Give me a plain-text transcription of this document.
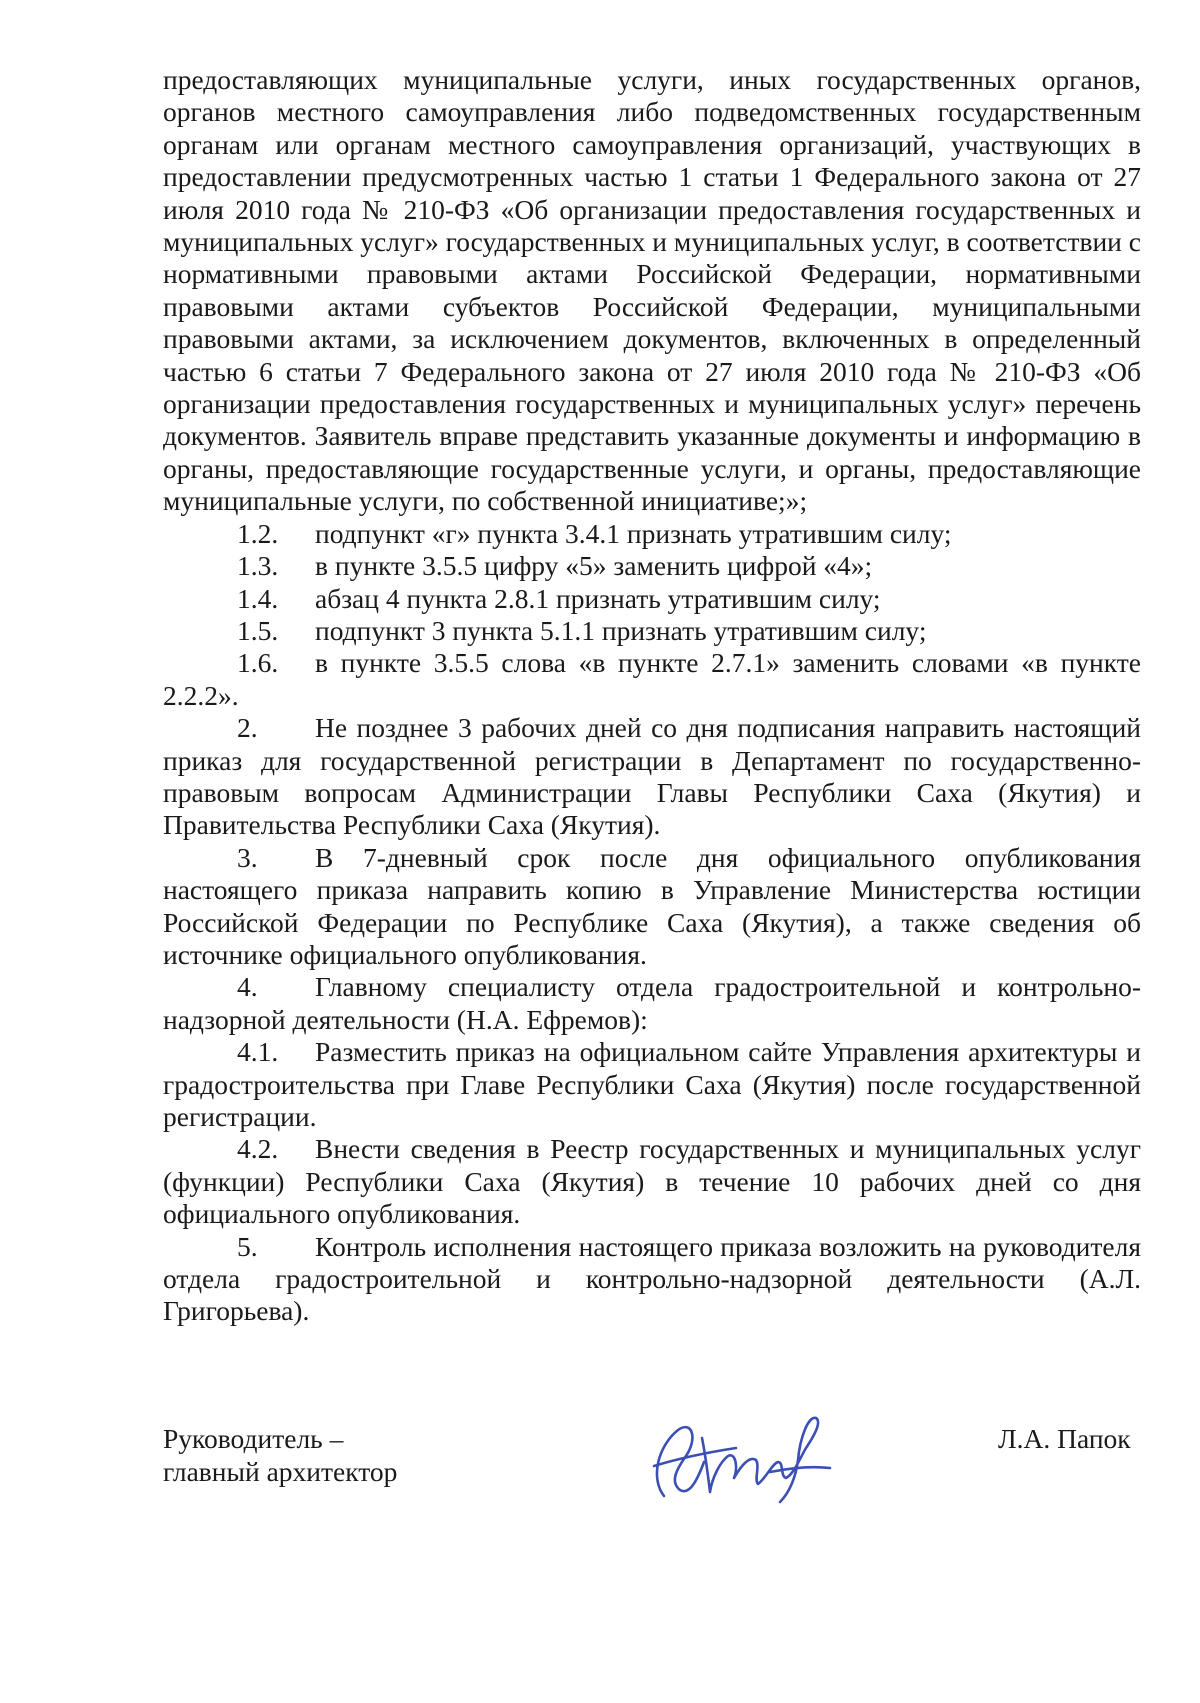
предоставляющих муниципальные услуги, иных государственных органов, органов местного самоуправления либо подведомственных государственным органам или органам местного самоуправления организаций, участвующих в предоставлении предусмотренных частью 1 статьи 1 Федерального закона от 27 июля 2010 года № 210-ФЗ «Об организации предоставления государственных и муниципальных услуг» государственных и муниципальных услуг, в соответствии с нормативными правовыми актами Российской Федерации, нормативными правовыми актами субъектов Российской Федерации, муниципальными правовыми актами, за исключением документов, включенных в определенный частью 6 статьи 7 Федерального закона от 27 июля 2010 года № 210-ФЗ «Об организации предоставления государственных и муниципальных услуг» перечень документов. Заявитель вправе представить указанные документы и информацию в органы, предоставляющие государственные услуги, и органы, предоставляющие муниципальные услуги, по собственной инициативе;»;

1.2. подпункт «г» пункта 3.4.1 признать утратившим силу;

1.3. в пункте 3.5.5 цифру «5» заменить цифрой «4»;

1.4. абзац 4 пункта 2.8.1 признать утратившим силу;

1.5. подпункт 3 пункта 5.1.1 признать утратившим силу;

1.6. в пункте 3.5.5 слова «в пункте 2.7.1» заменить словами «в пункте 2.2.2».

2. Не позднее 3 рабочих дней со дня подписания направить настоящий приказ для государственной регистрации в Департамент по государственно-правовым вопросам Администрации Главы Республики Саха (Якутия) и Правительства Республики Саха (Якутия).

3. В 7-дневный срок после дня официального опубликования настоящего приказа направить копию в Управление Министерства юстиции Российской Федерации по Республике Саха (Якутия), а также сведения об источнике официального опубликования.

4. Главному специалисту отдела градостроительной и контрольно-надзорной деятельности (Н.А. Ефремов):

4.1. Разместить приказ на официальном сайте Управления архитектуры и градостроительства при Главе Республики Саха (Якутия) после государственной регистрации.

4.2. Внести сведения в Реестр государственных и муниципальных услуг (функции) Республики Саха (Якутия) в течение 10 рабочих дней со дня официального опубликования.

5. Контроль исполнения настоящего приказа возложить на руководителя отдела градостроительной и контрольно-надзорной деятельности (А.Л. Григорьева).

Руководитель –
главный архитектор
Л.А. Папок
